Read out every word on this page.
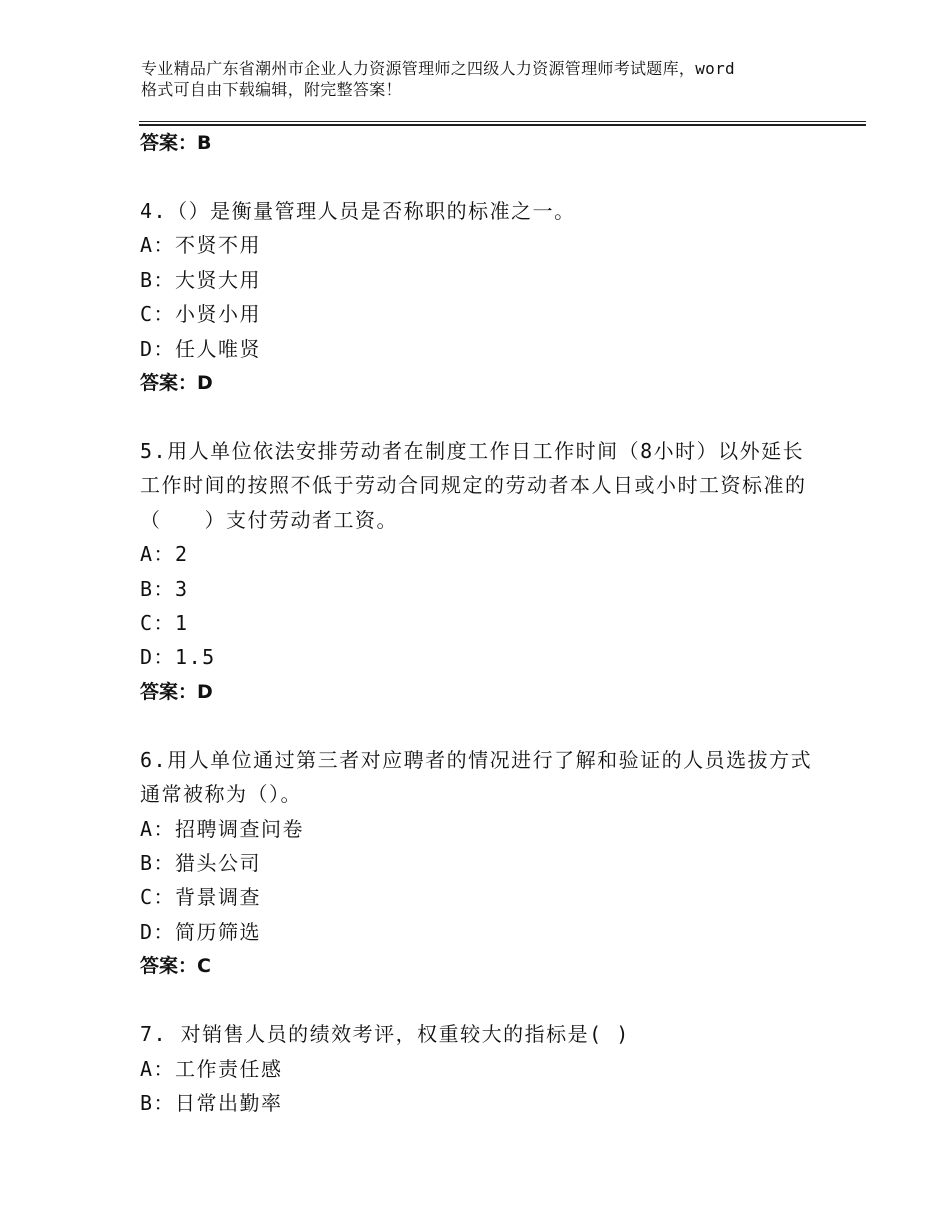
专业精品广东省潮州市企业人力资源管理师之四级人力资源管理师考试题库，word
格式可自由下载编辑，附完整答案！
答案：B
4.（）是衡量管理人员是否称职的标准之一。
A：不贤不用
B：大贤大用
C：小贤小用
D：任人唯贤
答案：D
5.用人单位依法安排劳动者在制度工作日工作时间（8小时）以外延长工作时间的按照不低于劳动合同规定的劳动者本人日或小时工资标准的（　　）支付劳动者工资。
A：2
B：3
C：1
D：1.5
答案：D
6.用人单位通过第三者对应聘者的情况进行了解和验证的人员选拔方式通常被称为（）。
A：招聘调查问卷
B：猎头公司
C：背景调查
D：简历筛选
答案：C
7. 对销售人员的绩效考评，权重较大的指标是( )
A：工作责任感
B：日常出勤率
